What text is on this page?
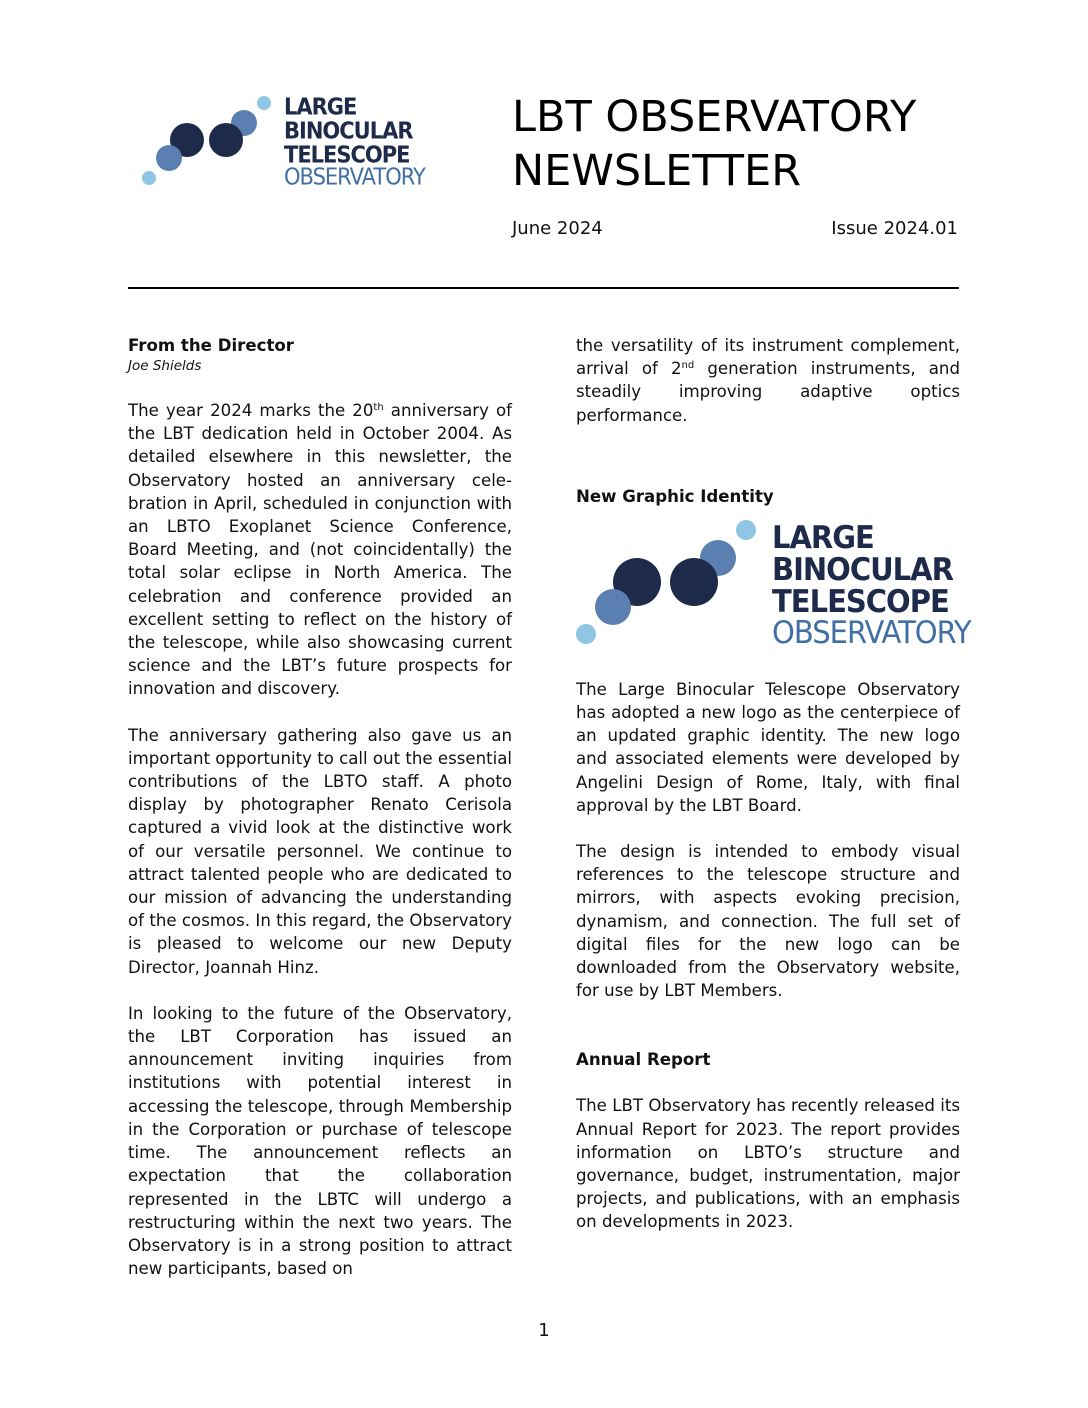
LARGE
BINOCULAR
TELESCOPE
OBSERVATORY
LBT OBSERVATORY
NEWSLETTER
June 2024	Issue 2024.01
From the Director

Joe Shields

The year 2024 marks the 20th anniversary of the LBT dedication held in October 2004. As detailed elsewhere in this newsletter, the Observatory hosted an anniversary cele-bration in April, scheduled in conjunction with an LBTO Exoplanet Science Conference, Board Meeting, and (not coincidentally) the total solar eclipse in North America. The celebration and conference provided an excellent setting to reflect on the history of the telescope, while also showcasing current science and the LBT’s future prospects for innovation and discovery.

The anniversary gathering also gave us an important opportunity to call out the essential contributions of the LBTO staff. A photo display by photographer Renato Cerisola captured a vivid look at the distinctive work of our versatile personnel. We continue to attract talented people who are dedicated to our mission of advancing the understanding of the cosmos. In this regard, the Observatory is pleased to welcome our new Deputy Director, Joannah Hinz.

In looking to the future of the Observatory, the LBT Corporation has issued an announcement inviting inquiries from institutions with potential interest in accessing the telescope, through Membership in the Corporation or purchase of telescope time. The announcement reflects an expectation that the collaboration represented in the LBTC will undergo a restructuring within the next two years. The Observatory is in a strong position to attract new participants, based on

the versatility of its instrument complement, arrival of 2nd generation instruments, and steadily improving adaptive optics performance.

New Graphic Identity

The Large Binocular Telescope Observatory has adopted a new logo as the centerpiece of an updated graphic identity. The new logo and associated elements were developed by Angelini Design of Rome, Italy, with final approval by the LBT Board.

The design is intended to embody visual references to the telescope structure and mirrors, with aspects evoking precision, dynamism, and connection. The full set of digital files for the new logo can be downloaded from the Observatory website, for use by LBT Members.

Annual Report

The LBT Observatory has recently released its Annual Report for 2023. The report provides information on LBTO’s structure and governance, budget, instrumentation, major projects, and publications, with an emphasis on developments in 2023.

LARGE
BINOCULAR
TELESCOPE
OBSERVATORY
1
